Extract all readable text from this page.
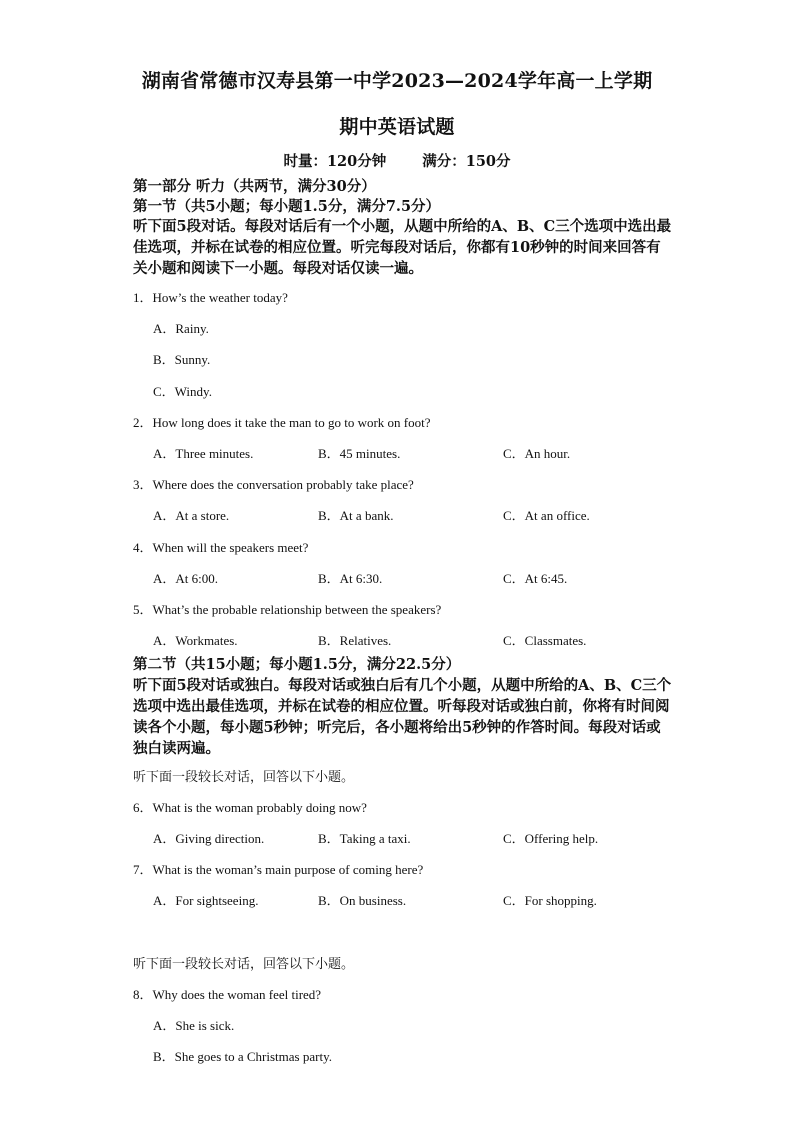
湖南省常德市汉寿县第一中学2023—2024学年高一上学期
期中英语试题
时量：120分钟 满分：150分
第一部分 听力（共两节，满分30分）
第一节（共5小题；每小题1.5分，满分7.5分）
听下面5段对话。每段对话后有一个小题，从题中所给的A、B、C三个选项中选出最佳选项，并标在试卷的相应位置。听完每段对话后，你都有10秒钟的时间来回答有关小题和阅读下一小题。每段对话仅读一遍。
1．How’s the weather today?
A．Rainy.
B．Sunny.
C．Windy.
2．How long does it take the man to go to work on foot?
A．Three minutes.	B．45 minutes.	C．An hour.
3．Where does the conversation probably take place?
A．At a store.	B．At a bank.	C．At an office.
4．When will the speakers meet?
A．At 6:00.	B．At 6:30.	C．At 6:45.
5．What’s the probable relationship between the speakers?
A．Workmates.	B．Relatives.	C．Classmates.
第二节（共15小题；每小题1.5分，满分22.5分）
听下面5段对话或独白。每段对话或独白后有几个小题，从题中所给的A、B、C三个选项中选出最佳选项，并标在试卷的相应位置。听每段对话或独白前，你将有时间阅读各个小题，每小题5秒钟；听完后，各小题将给出5秒钟的作答时间。每段对话或独白读两遍。
听下面一段较长对话，回答以下小题。
6．What is the woman probably doing now?
A．Giving direction.	B．Taking a taxi.	C．Offering help.
7．What is the woman’s main purpose of coming here?
A．For sightseeing.	B．On business.	C．For shopping.
听下面一段较长对话，回答以下小题。
8．Why does the woman feel tired?
A．She is sick.
B．She goes to a Christmas party.
